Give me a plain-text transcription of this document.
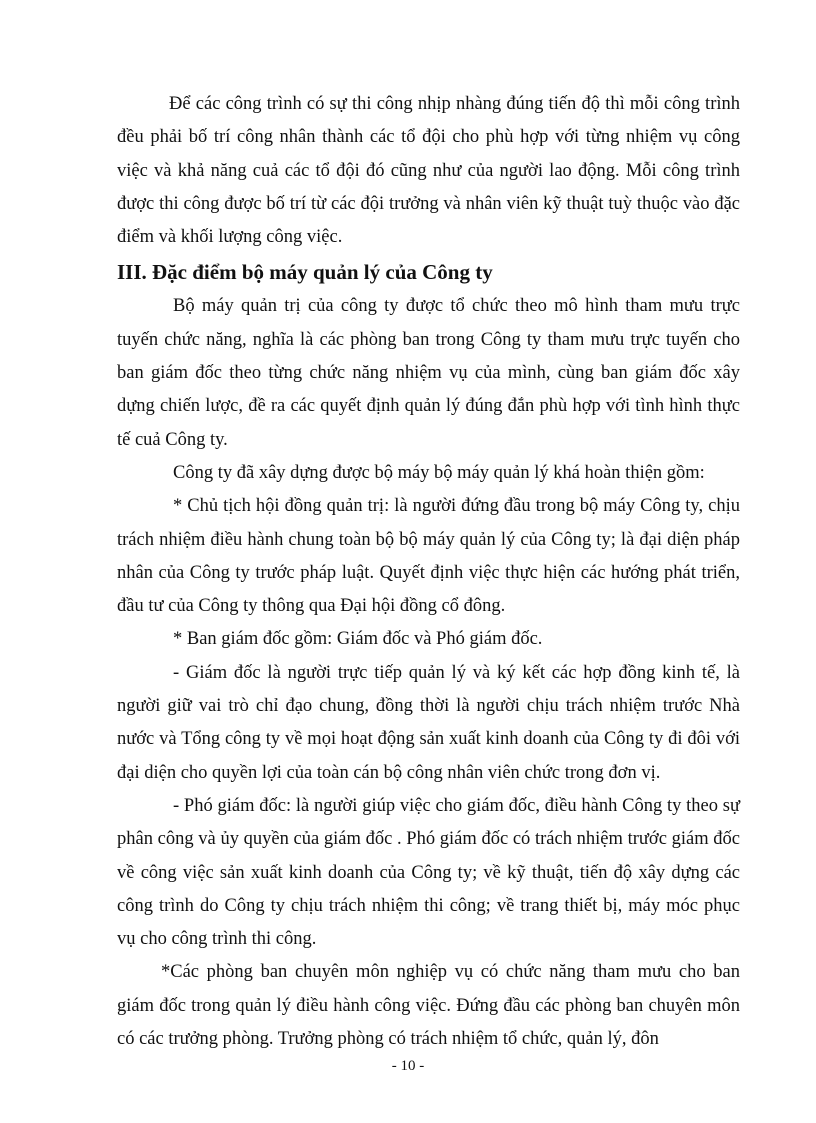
Để các công trình có sự thi công nhịp nhàng đúng tiến độ thì mỗi công trình đều phải bố trí công nhân thành các tổ đội cho phù hợp với từng nhiệm vụ công việc và khả năng cuả các tổ đội đó cũng như của người lao động. Mỗi công trình được thi công được bố trí từ các đội trưởng và nhân viên kỹ thuật tuỳ thuộc vào đặc điểm và khối lượng công việc.

III. Đặc điểm bộ máy quản lý của Công ty

Bộ máy quản trị của công ty được tổ chức theo mô hình tham mưu trực tuyến chức năng, nghĩa là các phòng ban trong Công ty tham mưu trực tuyến cho ban giám đốc theo từng chức năng nhiệm vụ của mình, cùng ban giám đốc xây dựng chiến lược, đề ra các quyết định quản lý đúng đắn phù hợp với tình hình thực tế cuả Công ty.

Công ty đã xây dựng được bộ máy bộ máy quản lý khá hoàn thiện gồm:

* Chủ tịch hội đồng quản trị: là người đứng đầu trong bộ máy Công ty, chịu trách nhiệm điều hành chung toàn bộ bộ máy quản lý của Công ty; là đại diện pháp nhân của Công ty trước pháp luật. Quyết định việc thực hiện các hướng phát triển, đầu tư của Công ty thông qua Đại hội đồng cổ đông.

* Ban giám đốc gồm: Giám đốc và Phó giám đốc.

- Giám đốc là người trực tiếp quản lý và ký kết các hợp đồng kinh tế, là người giữ vai trò chỉ đạo chung, đồng thời là người chịu trách nhiệm trước Nhà nước và Tổng công ty về mọi hoạt động sản xuất kinh doanh của Công ty đi đôi với đại diện cho quyền lợi của toàn cán bộ công nhân viên chức trong đơn vị.

- Phó giám đốc: là người giúp việc cho giám đốc, điều hành Công ty theo sự phân công và ủy quyền của giám đốc . Phó giám đốc có trách nhiệm trước giám đốc về công việc sản xuất kinh doanh của Công ty; về kỹ thuật, tiến độ xây dựng các công trình do Công ty chịu trách nhiệm thi công; về trang thiết bị, máy móc phục vụ cho công trình thi công.

*Các phòng ban chuyên môn nghiệp vụ có chức năng tham mưu cho ban giám đốc trong quản lý điều hành công việc. Đứng đầu các phòng ban chuyên môn có các trưởng phòng. Trưởng phòng có trách nhiệm tổ chức, quản lý, đôn

- 10 -
